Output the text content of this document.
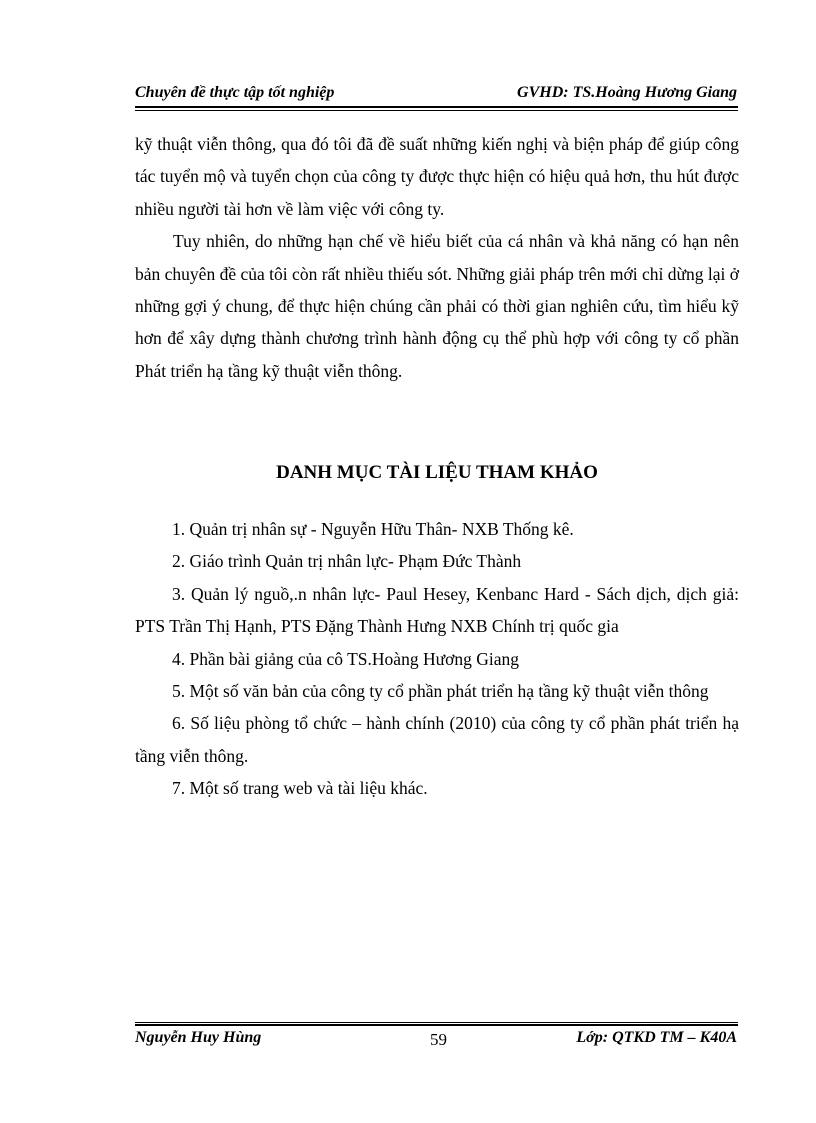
Chuyên đề thực tập tốt nghiệp	GVHD: TS.Hoàng Hương Giang

kỹ thuật viễn thông, qua đó tôi đã đề suất những kiến nghị và biện pháp để giúp công tác tuyển mộ và tuyển chọn của công ty được thực hiện có hiệu quả hơn, thu hút được nhiều người tài hơn về làm việc với công ty.

Tuy nhiên, do những hạn chế về hiểu biết của cá nhân và khả năng có hạn nên bản chuyên đề của tôi còn rất nhiều thiếu sót. Những giải pháp trên mới chỉ dừng lại ở những gợi ý chung, để thực hiện chúng cần phải có thời gian nghiên cứu, tìm hiểu kỹ hơn để xây dựng thành chương trình hành động cụ thể phù hợp với công ty cổ phần Phát triển hạ tầng kỹ thuật viễn thông.

DANH MỤC TÀI LIỆU THAM KHẢO

1. Quản trị nhân sự - Nguyễn Hữu Thân- NXB Thống kê.

2. Giáo trình Quản trị nhân lực- Phạm Đức Thành

3. Quản lý nguồ,.n nhân lực- Paul Hesey, Kenbanc Hard - Sách dịch, dịch giả: PTS Trần Thị Hạnh, PTS Đặng Thành Hưng NXB Chính trị quốc gia

4. Phần bài giảng của cô TS.Hoàng Hương Giang

5. Một số văn bản của công ty cổ phần phát triển hạ tầng kỹ thuật viễn thông

6. Số liệu phòng tổ chức – hành chính (2010) của công ty cổ phần phát triển hạ tầng viễn thông.

7. Một số trang web và tài liệu khác.

Nguyễn Huy Hùng	59	Lớp: QTKD TM – K40A
